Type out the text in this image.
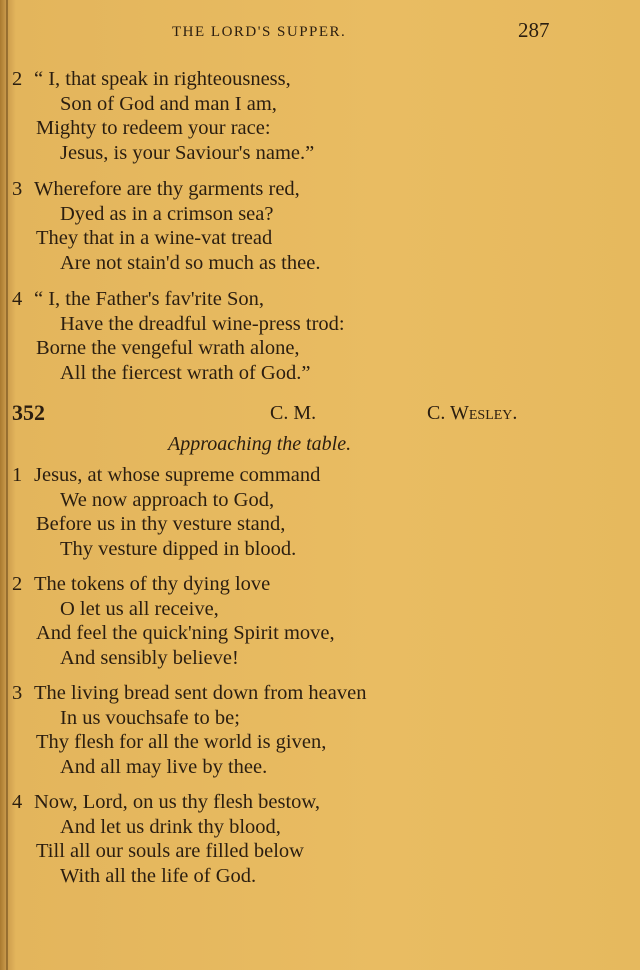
THE LORD'S SUPPER.	287
2 “ I, that speak in righteousness,
Son of God and man I am,
Mighty to redeem your race:
Jesus, is your Saviour's name.”
3 Wherefore are thy garments red,
Dyed as in a crimson sea?
They that in a wine-vat tread
Are not stain'd so much as thee.
4 “ I, the Father's fav'rite Son,
Have the dreadful wine-press trod:
Borne the vengeful wrath alone,
All the fiercest wrath of God.”
352	C. M.	C. Wesley.
Approaching the table.
1 Jesus, at whose supreme command
We now approach to God,
Before us in thy vesture stand,
Thy vesture dipped in blood.
2 The tokens of thy dying love
O let us all receive,
And feel the quick'ning Spirit move,
And sensibly believe!
3 The living bread sent down from heaven
In us vouchsafe to be;
Thy flesh for all the world is given,
And all may live by thee.
4 Now, Lord, on us thy flesh bestow,
And let us drink thy blood,
Till all our souls are filled below
With all the life of God.
